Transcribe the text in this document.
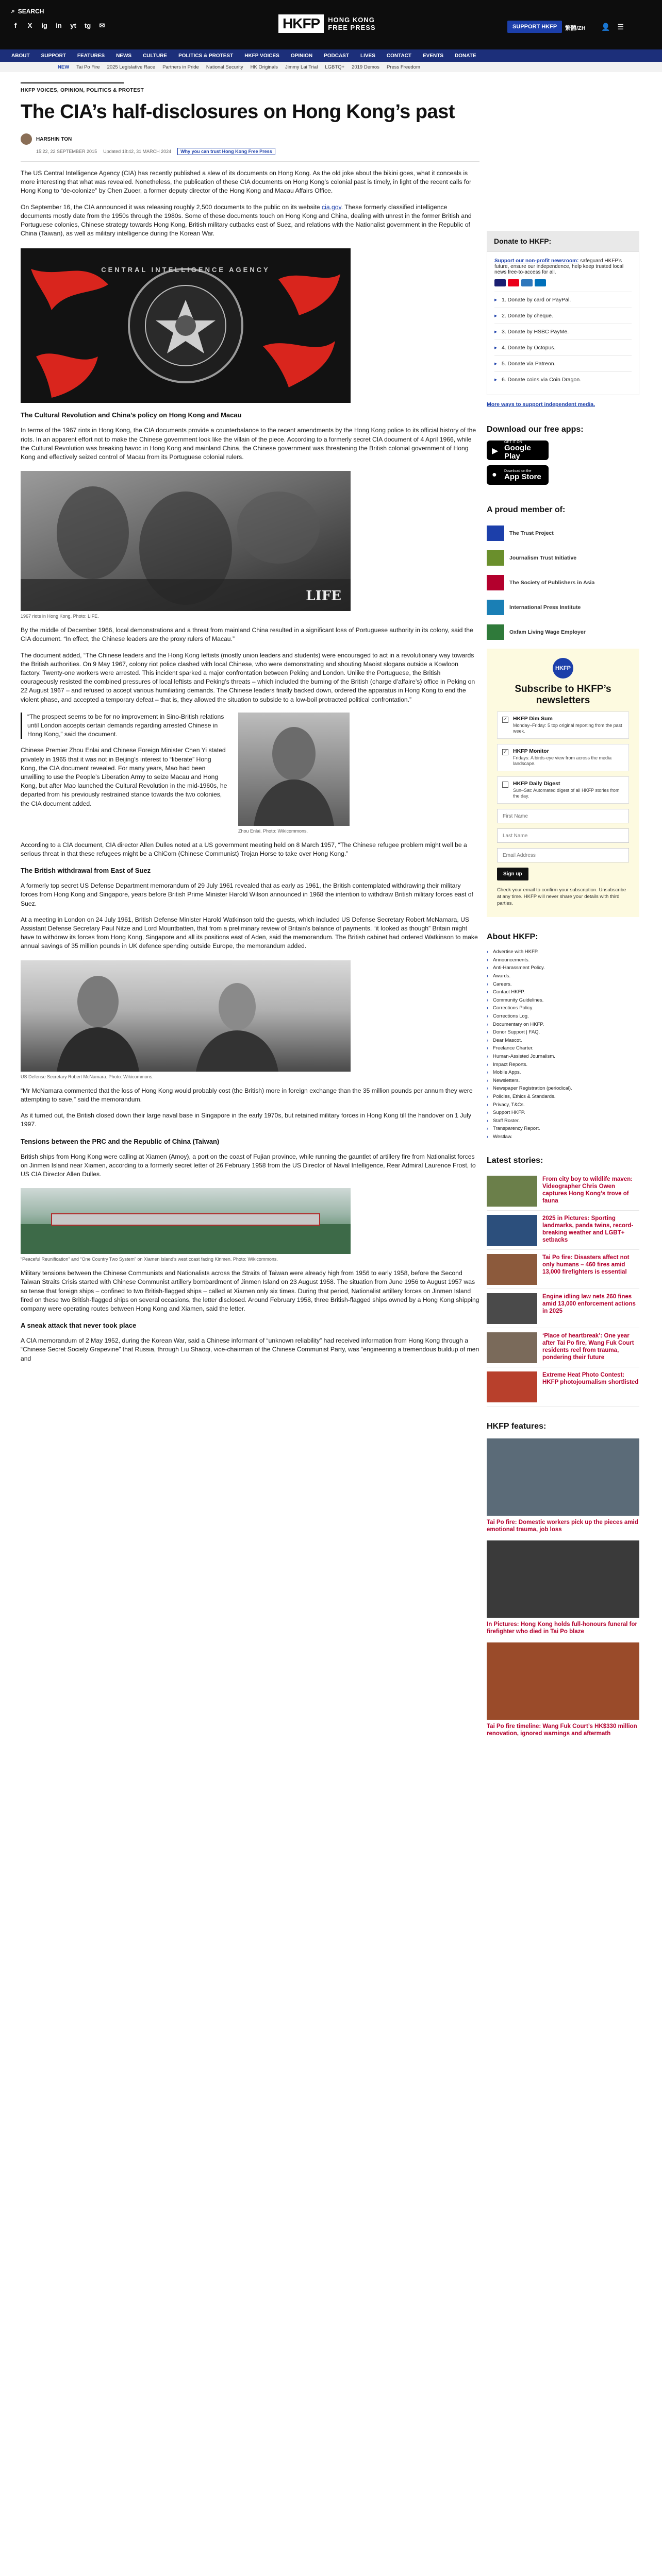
⌕ SEARCH
f	X ig in yt tg ✉	HKFP	HONG KONG
FREE PRESS	SUPPORT HKFP	繁體/ZH 👤 ☰
ABOUT SUPPORT FEATURES NEWS CULTURE POLITICS & PROTEST HKFP VOICES OPINION PODCAST LIVES CONTACT EVENTS DONATE
NEW Tai Po Fire 2025 Legislative Race Partners in Pride National Security HK Originals Jimmy Lai Trial LGBTQ+ 2019 Demos Press Freedom
HKFP VOICES, OPINION, POLITICS & PROTEST
The CIA’s half-disclosures on Hong Kong’s past
HARSHIN TON
15:22, 22 SEPTEMBER 2015 Updated 18:42, 31 MARCH 2024	Why you can trust Hong Kong Free Press

The US Central Intelligence Agency (CIA) has recently published a slew of its documents on Hong Kong. As the old joke about the bikini goes, what it conceals is more interesting that what was revealed. Nonetheless, the publication of these CIA documents on Hong Kong’s colonial past is timely, in light of the recent calls for Hong Kong to “de-colonize” by Chen Zuoer, a former deputy director of the Hong Kong and Macau Affairs Office.

On September 16, the CIA announced it was releasing roughly 2,500 documents to the public on its website cia.gov. These formerly classified intelligence documents mostly date from the 1950s through the 1980s. Some of these documents touch on Hong Kong and China, dealing with unrest in the former British and Portuguese colonies, Chinese strategy towards Hong Kong, British military cutbacks east of Suez, and relations with the Nationalist government in the Republic of China (Taiwan), as well as military intelligence during the Korean War.

CENTRAL INTELLIGENCE AGENCY
The Cultural Revolution and China’s policy on Hong Kong and Macau

In terms of the 1967 riots in Hong Kong, the CIA documents provide a counterbalance to the recent amendments by the Hong Kong police to its official history of the riots. In an apparent effort not to make the Chinese government look like the villain of the piece. According to a formerly secret CIA document of 4 April 1966, while the Cultural Revolution was breaking havoc in Hong Kong and mainland China, the Chinese government was threatening the British colonial government of Hong Kong and effectively seized control of Macau from its Portuguese colonial rulers.

LIFE
1967 riots in Hong Kong. Photo: LIFE.

By the middle of December 1966, local demonstrations and a threat from mainland China resulted in a significant loss of Portuguese authority in its colony, said the CIA document. “In effect, the Chinese leaders are the proxy rulers of Macau.”

The document added, “The Chinese leaders and the Hong Kong leftists (mostly union leaders and students) were encouraged to act in a revolutionary way towards the British authorities. On 9 May 1967, colony riot police clashed with local Chinese, who were demonstrating and shouting Maoist slogans outside a Kowloon factory. Twenty-one workers were arrested. This incident sparked a major confrontation between Peking and London. Unlike the Portuguese, the British courageously resisted the combined pressures of local leftists and Peking’s threats – which included the burning of the British (charge d’affaire’s) office in Peking on 22 August 1967 – and refused to accept various humiliating demands. The Chinese leaders finally backed down, ordered the apparatus in Hong Kong to end the violent phase, and accepted a temporary defeat – that is, they allowed the situation to subside to a low-boil protracted political confrontation.”

“The prospect seems to be for no improvement in Sino-British relations until London accepts certain demands regarding arrested Chinese in Hong Kong,” said the document.

Chinese Premier Zhou Enlai and Chinese Foreign Minister Chen Yi stated privately in 1965 that it was not in Beijing’s interest to “liberate” Hong Kong, the CIA document revealed. For many years, Mao had been unwilling to use the People’s Liberation Army to seize Macau and Hong Kong, but after Mao launched the Cultural Revolution in the mid-1960s, he departed from his previously restrained stance towards the two colonies, the CIA document added.

Zhou Enlai. Photo: Wikicommons.

According to a CIA document, CIA director Allen Dulles noted at a US government meeting held on 8 March 1957, “The Chinese refugee problem might well be a serious threat in that these refugees might be a ChiCom (Chinese Communist) Trojan Horse to take over Hong Kong.”

The British withdrawal from East of Suez

A formerly top secret US Defense Department memorandum of 29 July 1961 revealed that as early as 1961, the British contemplated withdrawing their military forces from Hong Kong and Singapore, years before British Prime Minister Harold Wilson announced in 1968 the intention to withdraw British military forces east of Suez.

At a meeting in London on 24 July 1961, British Defense Minister Harold Watkinson told the guests, which included US Defense Secretary Robert McNamara, US Assistant Defense Secretary Paul Nitze and Lord Mountbatten, that from a preliminary review of Britain’s balance of payments, “it looked as though” Britain might have to withdraw its forces from Hong Kong, Singapore and all its positions east of Aden, said the memorandum. The British cabinet had ordered Watkinson to make annual savings of 35 million pounds in UK defence spending outside Europe, the memorandum added.

US Defense Secretary Robert McNamara. Photo: Wikicommons.

“Mr McNamara commented that the loss of Hong Kong would probably cost (the British) more in foreign exchange than the 35 million pounds per annum they were attempting to save,” said the memorandum.

As it turned out, the British closed down their large naval base in Singapore in the early 1970s, but retained military forces in Hong Kong till the handover on 1 July 1997.

Tensions between the PRC and the Republic of China (Taiwan)

British ships from Hong Kong were calling at Xiamen (Amoy), a port on the coast of Fujian province, while running the gauntlet of artillery fire from Nationalist forces on Jinmen Island near Xiamen, according to a formerly secret letter of 26 February 1958 from the US Director of Naval Intelligence, Rear Admiral Laurence Frost, to US CIA Director Allen Dulles.

“Peaceful Reunification” and “One Country Two System” on Xiamen Island’s west coast facing Kinmen. Photo: Wikicommons.

Military tensions between the Chinese Communists and Nationalists across the Straits of Taiwan were already high from 1956 to early 1958, before the Second Taiwan Straits Crisis started with Chinese Communist artillery bombardment of Jinmen Island on 23 August 1958. The situation from June 1956 to August 1957 was so tense that foreign ships – confined to two British-flagged ships – called at Xiamen only six times. During that period, Nationalist artillery forces on Jinmen Island fired on these two British-flagged ships on several occasions, the letter disclosed. Around February 1958, three British-flagged ships owned by a Hong Kong shipping company were operating routes between Hong Kong and Xiamen, said the letter.

A sneak attack that never took place

A CIA memorandum of 2 May 1952, during the Korean War, said a Chinese informant of “unknown reliability” had received information from Hong Kong through a “Chinese Secret Society Grapevine” that Russia, through Liu Shaoqi, vice-chairman of the Chinese Communist Party, was “engineering a tremendous buildup of men and

Donate to HKFP:
Support our non-profit newsroom: safeguard HKFP’s future, ensure our independence, help keep trusted local news free-to-access for all.
▸ 1. Donate by card or PayPal.
▸ 2. Donate by cheque.
▸ 3. Donate by HSBC PayMe.
▸ 4. Donate by Octopus.
▸ 5. Donate via Patreon.
▸ 6. Donate coins via Coin Dragon.
More ways to support independent media.
Download our free apps:
▶
GET IT ON
Google Play
● Download on the
App Store
A proud member of:
The Trust Project
Journalism Trust Initiative
The Society of Publishers in Asia
International Press Institute
Oxfam Living Wage Employer
HKFP
Subscribe to HKFP’s newsletters
✓ HKFP Dim Sum
Monday–Friday: 5 top original reporting from the past week.
✓ HKFP Monitor
Fridays: A birds-eye view from across the media landscape.
HKFP Daily Digest
Sun–Sat: Automated digest of all HKFP stories from the day.
First Name Last Name Email Address Sign up
Check your email to confirm your subscription. Unsubscribe at any time. HKFP will never share your details with third parties.
About HKFP:
› Advertise with HKFP.
› Announcements.
› Anti-Harassment Policy.
› Awards.
› Careers.
› Contact HKFP.
› Community Guidelines.
› Corrections Policy.
› Corrections Log.
› Documentary on HKFP.
› Donor Support | FAQ.
› Dear Mascot.
› Freelance Charter.
› Human-Assisted Journalism.
› Impact Reports.
› Mobile Apps.
› Newsletters.
› Newspaper Registration (periodical).
› Policies, Ethics & Standards.
› Privacy, T&Cs.
› Support HKFP.
› Staff Roster.
› Transparency Report.
› Westlaw.
Latest stories:
From city boy to wildlife maven: Videographer Chris Owen captures Hong Kong’s trove of fauna
2025 in Pictures: Sporting landmarks, panda twins, record-breaking weather and LGBT+ setbacks
Tai Po fire: Disasters affect not only humans – 460 fires amid 13,000 firefighters is essential
Engine idling law nets 260 fines amid 13,000 enforcement actions in 2025
‘Place of heartbreak’: One year after Tai Po fire, Wang Fuk Court residents reel from trauma, pondering their future
Extreme Heat Photo Contest: HKFP photojournalism shortlisted
HKFP features:
Tai Po fire: Domestic workers pick up the pieces amid emotional trauma, job loss
In Pictures: Hong Kong holds full-honours funeral for firefighter who died in Tai Po blaze
Tai Po fire timeline: Wang Fuk Court’s HK$330 million renovation, ignored warnings and aftermath
